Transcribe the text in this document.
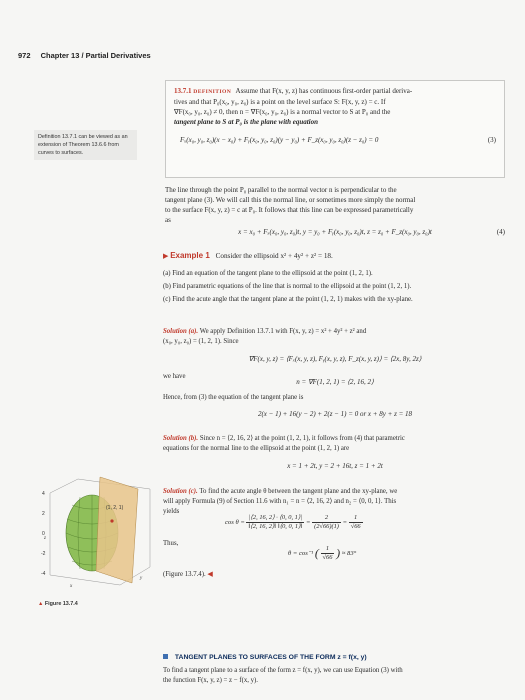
972 Chapter 13 / Partial Derivatives
13.7.1 DEFINITION Assume that F(x, y, z) has continuous first-order partial deriva-
tives and that P₀(x₀, y₀, z₀) is a point on the level surface S: F(x, y, z) = c. If
∇F(x₀, y₀, z₀) ≠ 0, then n = ∇F(x₀, y₀, z₀) is a normal vector to S at P₀ and the
tangent plane to S at P₀ is the plane with equation
Fₓ(x₀, y₀, z₀)(x − x₀) + Fᵧ(x₀, y₀, z₀)(y − y₀) + F_z(x₀, y₀, z₀)(z − z₀) = 0	(3)
Definition 13.7.1 can be viewed as an extension of Theorem 13.6.6 from curves to surfaces.
The line through the point P₀ parallel to the normal vector n is perpendicular to the
tangent plane (3). We will call this the normal line, or sometimes more simply the normal
to the surface F(x, y, z) = c at P₀. It follows that this line can be expressed parametrically
as
x = x₀ + Fₓ(x₀, y₀, z₀)t, y = y₀ + Fᵧ(x₀, y₀, z₀)t, z = z₀ + F_z(x₀, y₀, z₀)t	(4)
▶ Example 1 Consider the ellipsoid x² + 4y² + z² = 18.
(a) Find an equation of the tangent plane to the ellipsoid at the point (1, 2, 1).
(b) Find parametric equations of the line that is normal to the ellipsoid at the point (1, 2, 1).
(c) Find the acute angle that the tangent plane at the point (1, 2, 1) makes with the xy-plane.
Solution (a). We apply Definition 13.7.1 with F(x, y, z) = x² + 4y² + z² and
(x₀, y₀, z₀) = (1, 2, 1). Since
∇F(x, y, z) = ⟨Fₓ(x, y, z), Fᵧ(x, y, z), F_z(x, y, z)⟩ = ⟨2x, 8y, 2z⟩
we have
n = ∇F(1, 2, 1) = ⟨2, 16, 2⟩
Hence, from (3) the equation of the tangent plane is
2(x − 1) + 16(y − 2) + 2(z − 1) = 0 or x + 8y + z = 18
Solution (b). Since n = ⟨2, 16, 2⟩ at the point (1, 2, 1), it follows from (4) that parametric
equations for the normal line to the ellipsoid at the point (1, 2, 1) are
x = 1 + 2t, y = 2 + 16t, z = 1 + 2t
Solution (c). To find the acute angle θ between the tangent plane and the xy-plane, we
will apply Formula (9) of Section 11.6 with n₁ = n = ⟨2, 16, 2⟩ and n₂ = ⟨0, 0, 1⟩. This
yields
$\cos \theta = \frac{|⟨2, 16, 2⟩ \cdot ⟨0, 0, 1⟩|}{‖⟨2, 16, 2⟩‖ ‖⟨0, 0, 1⟩‖} = \frac{2}{(2√66)(1)} = \frac{1}{√66}$
Thus,
θ = cos⁻¹ ( $\frac{1}{√66}$ ) ≈ 83°
(Figure 13.7.4). ◀
(1, 2, 1)
4
2
0
-2
-4
z
x
y
▲ Figure 13.7.4
TANGENT PLANES TO SURFACES OF THE FORM z = f(x, y)
To find a tangent plane to a surface of the form z = f(x, y), we can use Equation (3) with
the function F(x, y, z) = z − f(x, y).
